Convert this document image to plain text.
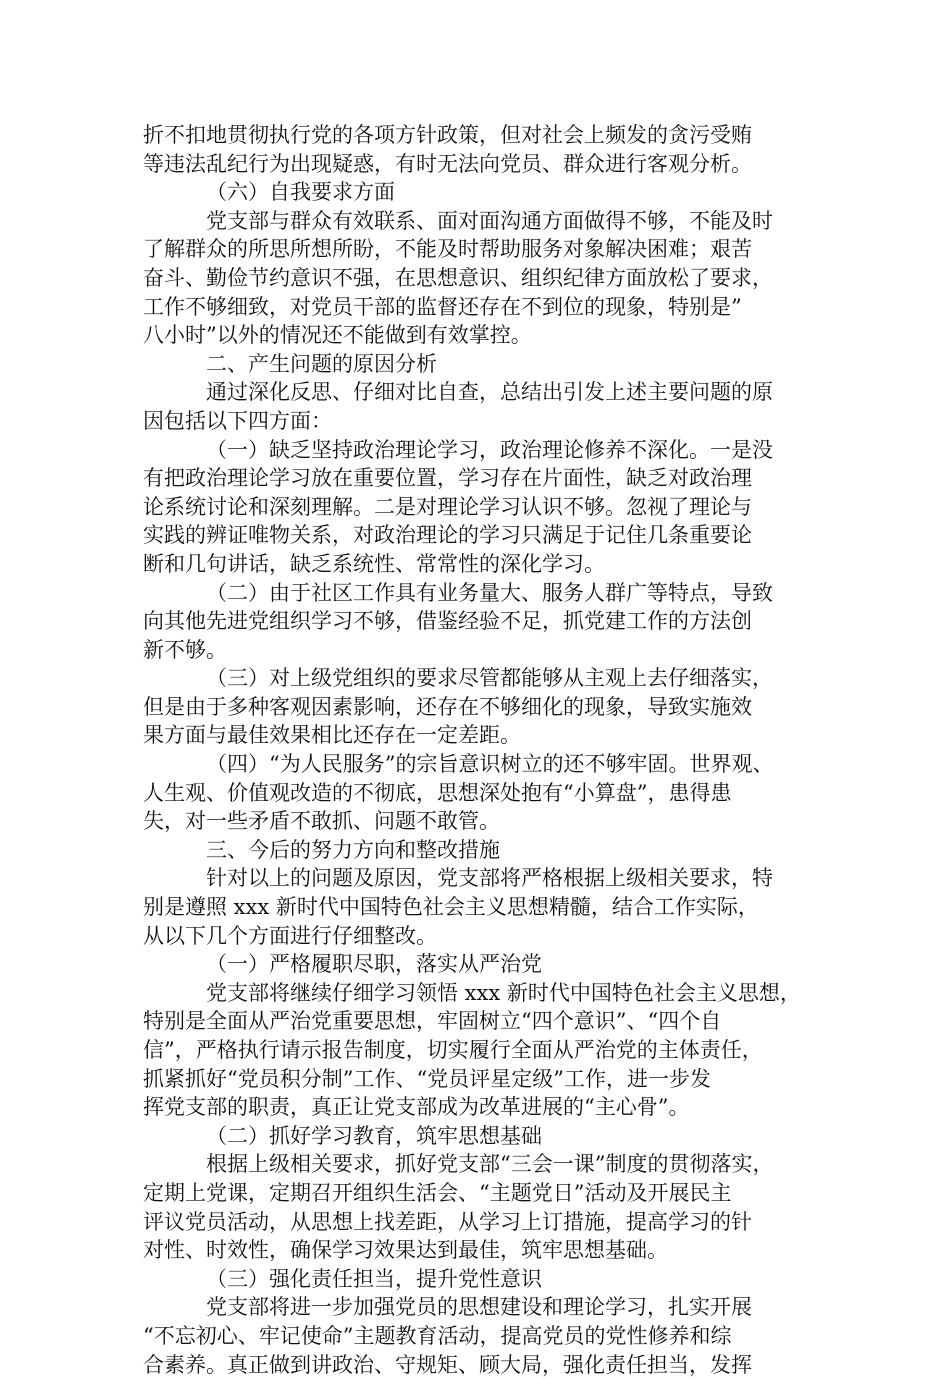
折不扣地贯彻执行党的各项方针政策，但对社会上频发的贪污受贿
等违法乱纪行为出现疑惑，有时无法向党员、群众进行客观分析。
（六）自我要求方面
党支部与群众有效联系、面对面沟通方面做得不够，不能及时
了解群众的所思所想所盼，不能及时帮助服务对象解决困难；艰苦
奋斗、勤俭节约意识不强，在思想意识、组织纪律方面放松了要求，
工作不够细致，对党员干部的监督还存在不到位的现象，特别是”
八小时”以外的情况还不能做到有效掌控。
二、产生问题的原因分析
通过深化反思、仔细对比自查，总结出引发上述主要问题的原
因包括以下四方面：
（一）缺乏坚持政治理论学习，政治理论修养不深化。一是没
有把政治理论学习放在重要位置，学习存在片面性，缺乏对政治理
论系统讨论和深刻理解。二是对理论学习认识不够。忽视了理论与
实践的辨证唯物关系，对政治理论的学习只满足于记住几条重要论
断和几句讲话，缺乏系统性、常常性的深化学习。
（二）由于社区工作具有业务量大、服务人群广等特点，导致
向其他先进党组织学习不够，借鉴经验不足，抓党建工作的方法创
新不够。
（三）对上级党组织的要求尽管都能够从主观上去仔细落实，
但是由于多种客观因素影响，还存在不够细化的现象，导致实施效
果方面与最佳效果相比还存在一定差距。
（四）“为人民服务”的宗旨意识树立的还不够牢固。世界观、
人生观、价值观改造的不彻底，思想深处抱有“小算盘”，患得患
失，对一些矛盾不敢抓、问题不敢管。
三、今后的努力方向和整改措施
针对以上的问题及原因，党支部将严格根据上级相关要求，特
别是遵照 xxx 新时代中国特色社会主义思想精髓，结合工作实际，
从以下几个方面进行仔细整改。
（一）严格履职尽职，落实从严治党
党支部将继续仔细学习领悟 xxx 新时代中国特色社会主义思想，
特别是全面从严治党重要思想，牢固树立“四个意识”、“四个自
信”，严格执行请示报告制度，切实履行全面从严治党的主体责任，
抓紧抓好“党员积分制”工作、“党员评星定级”工作，进一步发
挥党支部的职责，真正让党支部成为改革进展的“主心骨”。
（二）抓好学习教育，筑牢思想基础
根据上级相关要求，抓好党支部“三会一课”制度的贯彻落实，
定期上党课，定期召开组织生活会、“主题党日”活动及开展民主
评议党员活动，从思想上找差距，从学习上订措施，提高学习的针
对性、时效性，确保学习效果达到最佳，筑牢思想基础。
（三）强化责任担当，提升党性意识
党支部将进一步加强党员的思想建设和理论学习，扎实开展
“不忘初心、牢记使命”主题教育活动，提高党员的党性修养和综
合素养。真正做到讲政治、守规矩、顾大局，强化责任担当，发挥
